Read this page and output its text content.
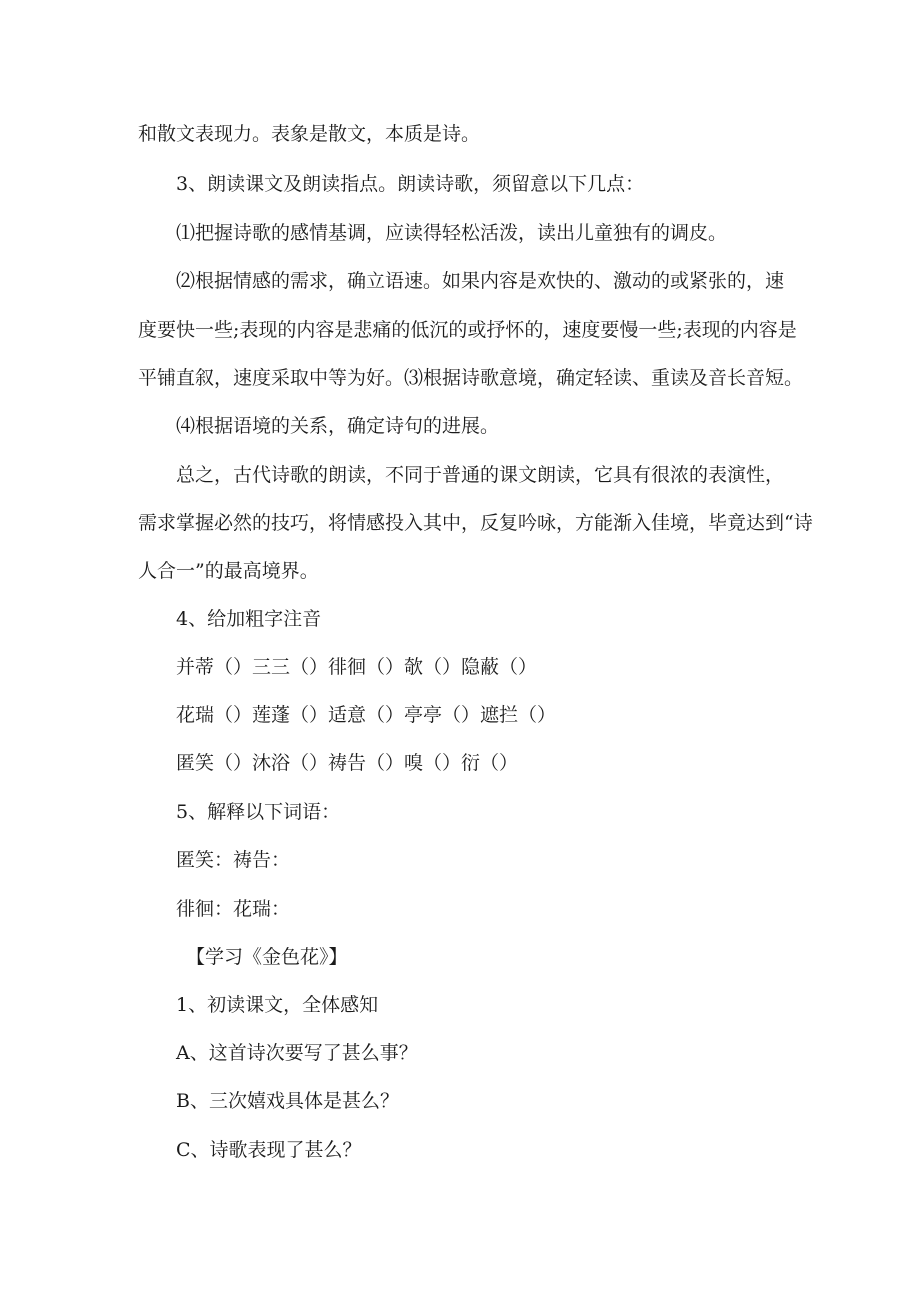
和散文表现力。表象是散文，本质是诗。
3、朗读课文及朗读指点。朗读诗歌，须留意以下几点：
⑴把握诗歌的感情基调，应读得轻松活泼，读出儿童独有的调皮。
⑵根据情感的需求，确立语速。如果内容是欢快的、激动的或紧张的，速
度要快一些;表现的内容是悲痛的低沉的或抒怀的，速度要慢一些;表现的内容是
平铺直叙，速度采取中等为好。⑶根据诗歌意境，确定轻读、重读及音长音短。
⑷根据语境的关系，确定诗句的进展。
总之，古代诗歌的朗读，不同于普通的课文朗读，它具有很浓的表演性，
需求掌握必然的技巧，将情感投入其中，反复吟咏，方能渐入佳境，毕竟达到“诗
人合一”的最高境界。
4、给加粗字注音
并蒂（）三三（）徘徊（）欹（）隐蔽（）
花瑞（）莲蓬（）适意（）亭亭（）遮拦（）
匿笑（）沐浴（）祷告（）嗅（）衍（）
5、解释以下词语：
匿笑：祷告：
徘徊：花瑞：
【学习《金色花》】
1、初读课文，全体感知
A、这首诗次要写了甚么事？
B、三次嬉戏具体是甚么？
C、诗歌表现了甚么？
